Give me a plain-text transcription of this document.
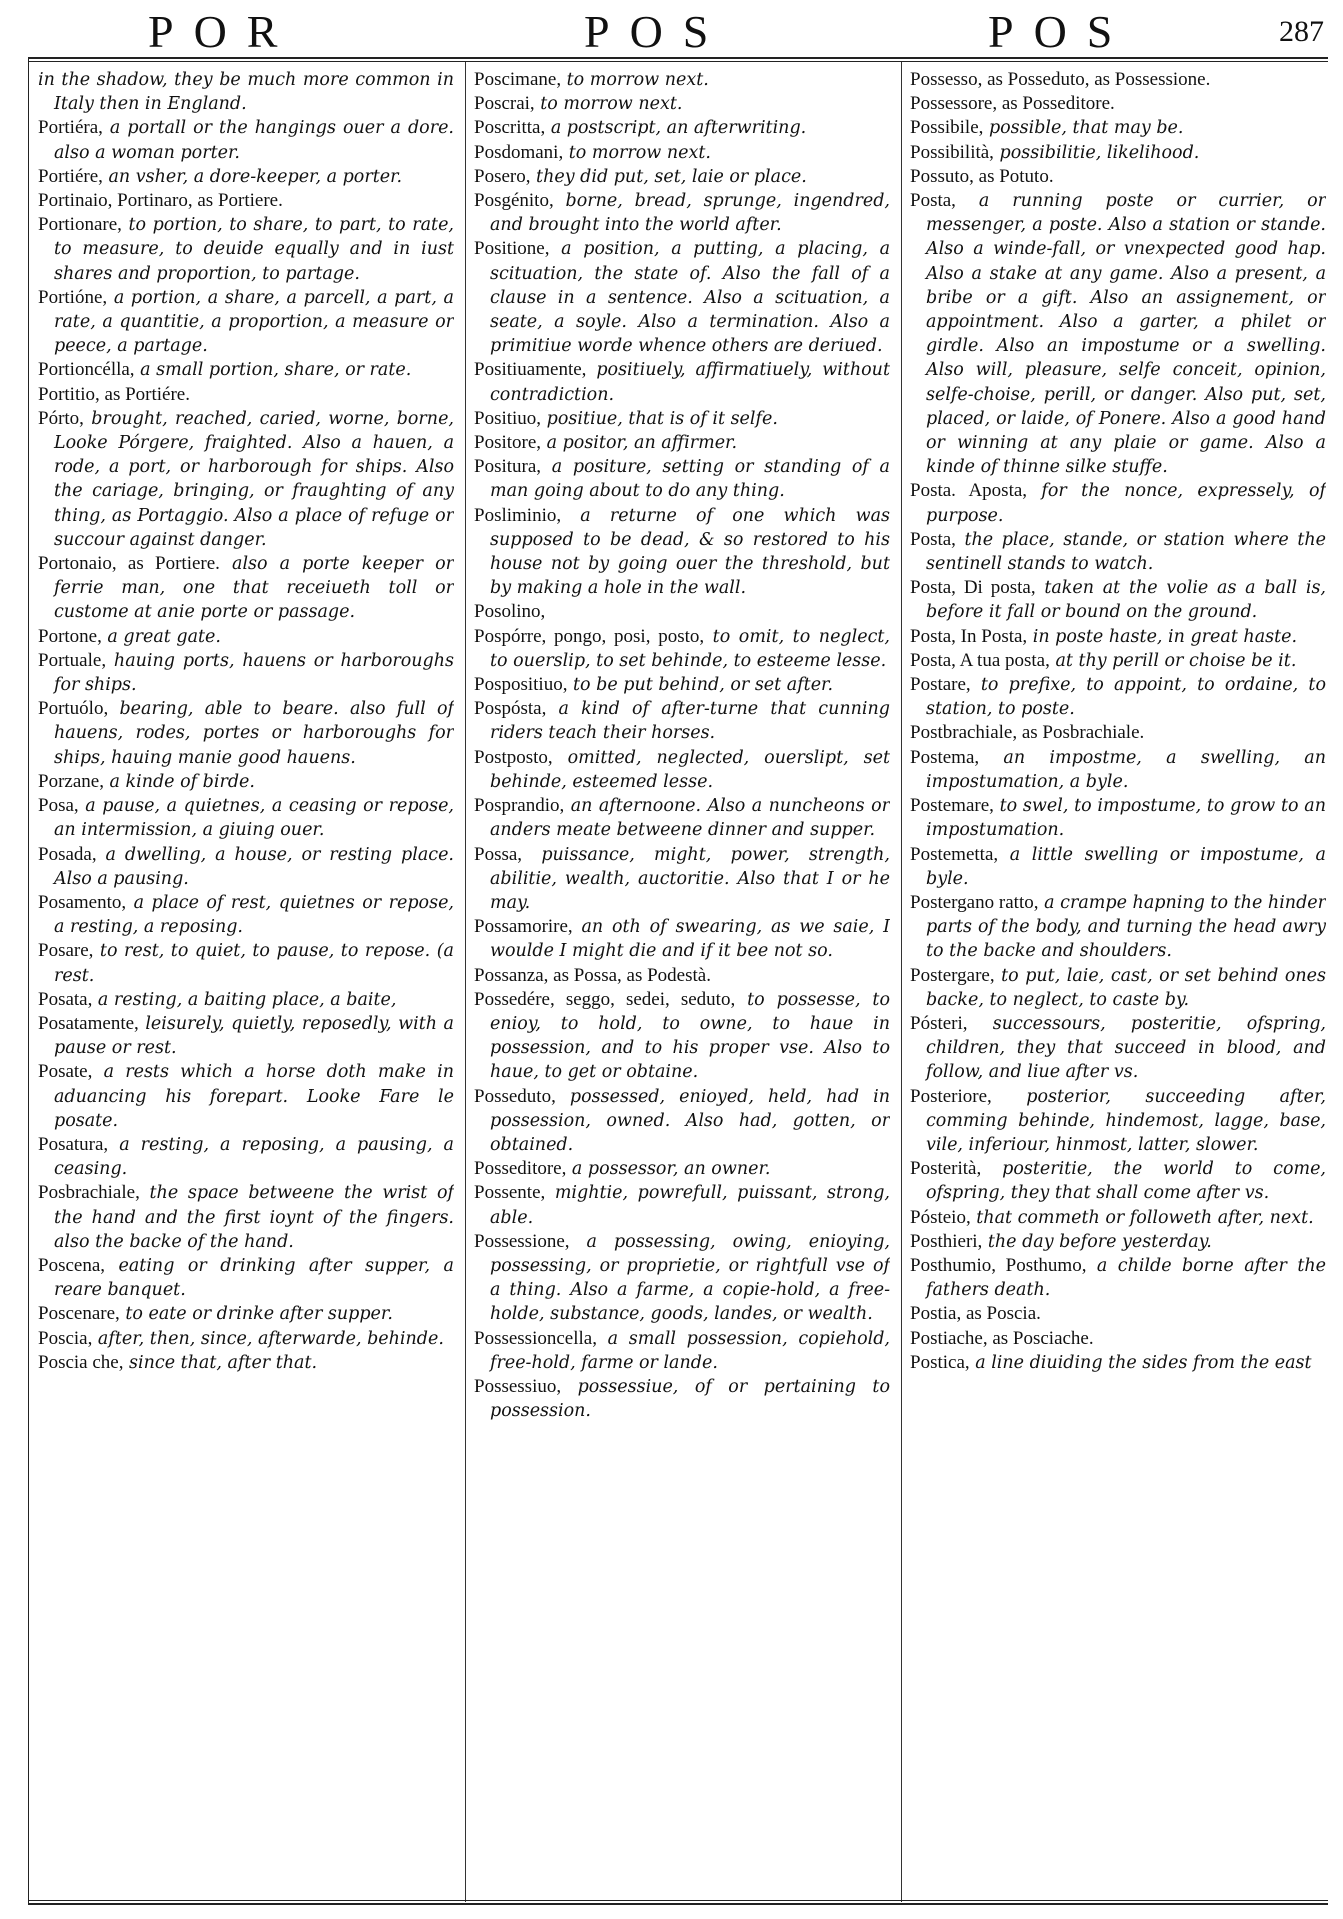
POR	POS	POS	287

in the shadow, they be much more common in Italy then in England.

Portiéra, a portall or the hangings ouer a dore. also a woman porter.

Portiére, an vsher, a dore-keeper, a porter.

Portinaio, Portinaro, as Portiere.

Portionare, to portion, to share, to part, to rate, to measure, to deuide equally and in iust shares and proportion, to partage.

Portióne, a portion, a share, a parcell, a part, a rate, a quantitie, a proportion, a measure or peece, a partage.

Portioncélla, a small portion, share, or rate.

Portitio, as Portiére.

Pórto, brought, reached, caried, worne, borne, Looke Pórgere, fraighted. Also a hauen, a rode, a port, or harborough for ships. Also the cariage, bringing, or fraughting of any thing, as Portaggio. Also a place of refuge or succour against danger.

Portonaio, as Portiere. also a porte keeper or ferrie man, one that receiueth toll or custome at anie porte or passage.

Portone, a great gate.

Portuale, hauing ports, hauens or harboroughs for ships.

Portuólo, bearing, able to beare. also full of hauens, rodes, portes or harboroughs for ships, hauing manie good hauens.

Porzane, a kinde of birde.

Posa, a pause, a quietnes, a ceasing or repose, an intermission, a giuing ouer.

Posada, a dwelling, a house, or resting place. Also a pausing.

Posamento, a place of rest, quietnes or repose, a resting, a reposing.

Posare, to rest, to quiet, to pause, to repose. (a rest.

Posata, a resting, a baiting place, a baite,

Posatamente, leisurely, quietly, reposedly, with a pause or rest.

Posate, a rests which a horse doth make in aduancing his forepart. Looke Fare le posate.

Posatura, a resting, a reposing, a pausing, a ceasing.

Posbrachiale, the space betweene the wrist of the hand and the first ioynt of the fingers. also the backe of the hand.

Poscena, eating or drinking after supper, a reare banquet.

Poscenare, to eate or drinke after supper.

Poscia, after, then, since, afterwarde, behinde.

Poscia che, since that, after that.

Poscimane, to morrow next.

Poscrai, to morrow next.

Poscritta, a postscript, an afterwriting.

Posdomani, to morrow next.

Posero, they did put, set, laie or place.

Posgénito, borne, bread, sprunge, ingendred, and brought into the world after.

Positione, a position, a putting, a placing, a scituation, the state of. Also the fall of a clause in a sentence. Also a scituation, a seate, a soyle. Also a termination. Also a primitiue worde whence others are deriued.

Positiuamente, positiuely, affirmatiuely, without contradiction.

Positiuo, positiue, that is of it selfe.

Positore, a positor, an affirmer.

Positura, a positure, setting or standing of a man going about to do any thing.

Posliminio, a returne of one which was supposed to be dead, & so restored to his house not by going ouer the threshold, but by making a hole in the wall.

Posolino,

Pospórre, pongo, posi, posto, to omit, to neglect, to ouerslip, to set behinde, to esteeme lesse.

Pospositiuo, to be put behind, or set after.

Pospósta, a kind of after-turne that cunning riders teach their horses.

Postposto, omitted, neglected, ouerslipt, set behinde, esteemed lesse.

Posprandio, an afternoone. Also a nuncheons or anders meate betweene dinner and supper.

Possa, puissance, might, power, strength, abilitie, wealth, auctoritie. Also that I or he may.

Possamorire, an oth of swearing, as we saie, I woulde I might die and if it bee not so.

Possanza, as Possa, as Podestà.

Possedére, seggo, sedei, seduto, to possesse, to enioy, to hold, to owne, to haue in possession, and to his proper vse. Also to haue, to get or obtaine.

Posseduto, possessed, enioyed, held, had in possession, owned. Also had, gotten, or obtained.

Posseditore, a possessor, an owner.

Possente, mightie, powrefull, puissant, strong, able.

Possessione, a possessing, owing, enioying, possessing, or proprietie, or rightfull vse of a thing. Also a farme, a copie-hold, a free-holde, substance, goods, landes, or wealth.

Possessioncella, a small possession, copiehold, free-hold, farme or lande.

Possessiuo, possessiue, of or pertaining to possession.

Possesso, as Posseduto, as Possessione.

Possessore, as Posseditore.

Possibile, possible, that may be.

Possibilità, possibilitie, likelihood.

Possuto, as Potuto.

Posta, a running poste or currier, or messenger, a poste. Also a station or stande. Also a winde-fall, or vnexpected good hap. Also a stake at any game. Also a present, a bribe or a gift. Also an assignement, or appointment. Also a garter, a philet or girdle. Also an impostume or a swelling. Also will, pleasure, selfe conceit, opinion, selfe-choise, perill, or danger. Also put, set, placed, or laide, of Ponere. Also a good hand or winning at any plaie or game. Also a kinde of thinne silke stuffe.

Posta. Aposta, for the nonce, expressely, of purpose.

Posta, the place, stande, or station where the sentinell stands to watch.

Posta, Di posta, taken at the volie as a ball is, before it fall or bound on the ground.

Posta, In Posta, in poste haste, in great haste.

Posta, A tua posta, at thy perill or choise be it.

Postare, to prefixe, to appoint, to ordaine, to station, to poste.

Postbrachiale, as Posbrachiale.

Postema, an impostme, a swelling, an impostumation, a byle.

Postemare, to swel, to impostume, to grow to an impostumation.

Postemetta, a little swelling or impostume, a byle.

Postergano ratto, a crampe hapning to the hinder parts of the body, and turning the head awry to the backe and shoulders.

Postergare, to put, laie, cast, or set behind ones backe, to neglect, to caste by.

Pósteri, successours, posteritie, ofspring, children, they that succeed in blood, and follow, and liue after vs.

Posteriore, posterior, succeeding after, comming behinde, hindemost, lagge, base, vile, inferiour, hinmost, latter, slower.

Posterità, posteritie, the world to come, ofspring, they that shall come after vs.

Pósteio, that commeth or followeth after, next.

Posthieri, the day before yesterday.

Posthumio, Posthumo, a childe borne after the fathers death.

Postia, as Poscia.

Postiache, as Posciache.

Postica, a line diuiding the sides from the east
